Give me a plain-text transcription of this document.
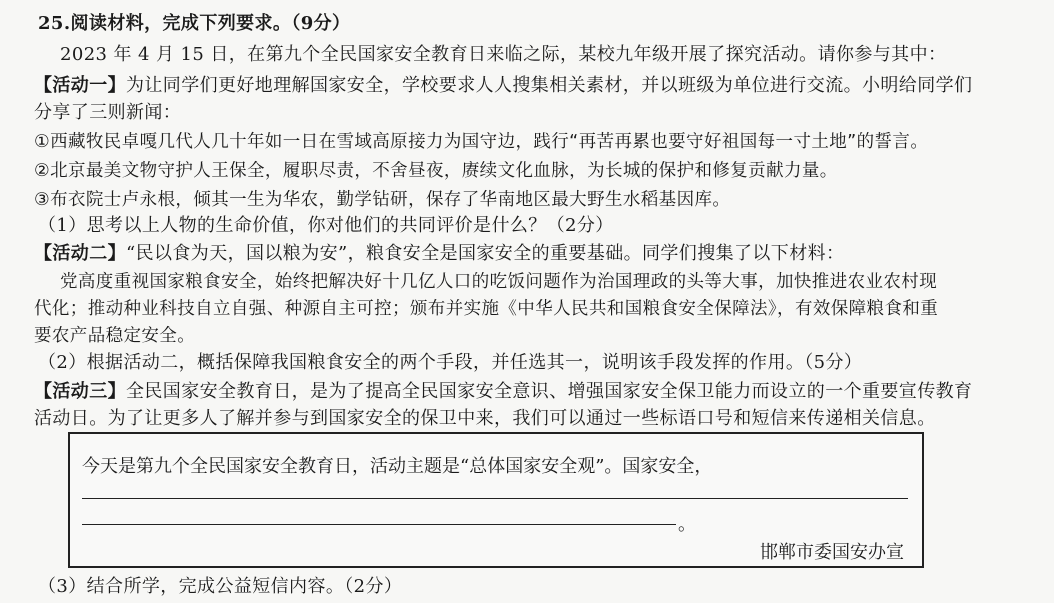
25.阅读材料，完成下列要求。（9分）
2023 年 4 月 15 日，在第九个全民国家安全教育日来临之际，某校九年级开展了探究活动。请你参与其中：
【活动一】为让同学们更好地理解国家安全，学校要求人人搜集相关素材，并以班级为单位进行交流。小明给同学们
分享了三则新闻：
①西藏牧民卓嘎几代人几十年如一日在雪域高原接力为国守边，践行“再苦再累也要守好祖国每一寸土地”的誓言。
②北京最美文物守护人王保全，履职尽责，不舍昼夜，赓续文化血脉，为长城的保护和修复贡献力量。
③布衣院士卢永根，倾其一生为华农，勤学钻研，保存了华南地区最大野生水稻基因库。
（1）思考以上人物的生命价值，你对他们的共同评价是什么？（2分）
【活动二】“民以食为天，国以粮为安”，粮食安全是国家安全的重要基础。同学们搜集了以下材料：
党高度重视国家粮食安全，始终把解决好十几亿人口的吃饭问题作为治国理政的头等大事，加快推进农业农村现
代化；推动种业科技自立自强、种源自主可控；颁布并实施《中华人民共和国粮食安全保障法》，有效保障粮食和重
要农产品稳定安全。
（2）根据活动二，概括保障我国粮食安全的两个手段，并任选其一，说明该手段发挥的作用。（5分）
【活动三】全民国家安全教育日，是为了提高全民国家安全意识、增强国家安全保卫能力而设立的一个重要宣传教育
活动日。为了让更多人了解并参与到国家安全的保卫中来，我们可以通过一些标语口号和短信来传递相关信息。
今天是第九个全民国家安全教育日，活动主题是“总体国家安全观”。国家安全，
。
邯郸市委国安办宣
（3）结合所学，完成公益短信内容。（2分）
